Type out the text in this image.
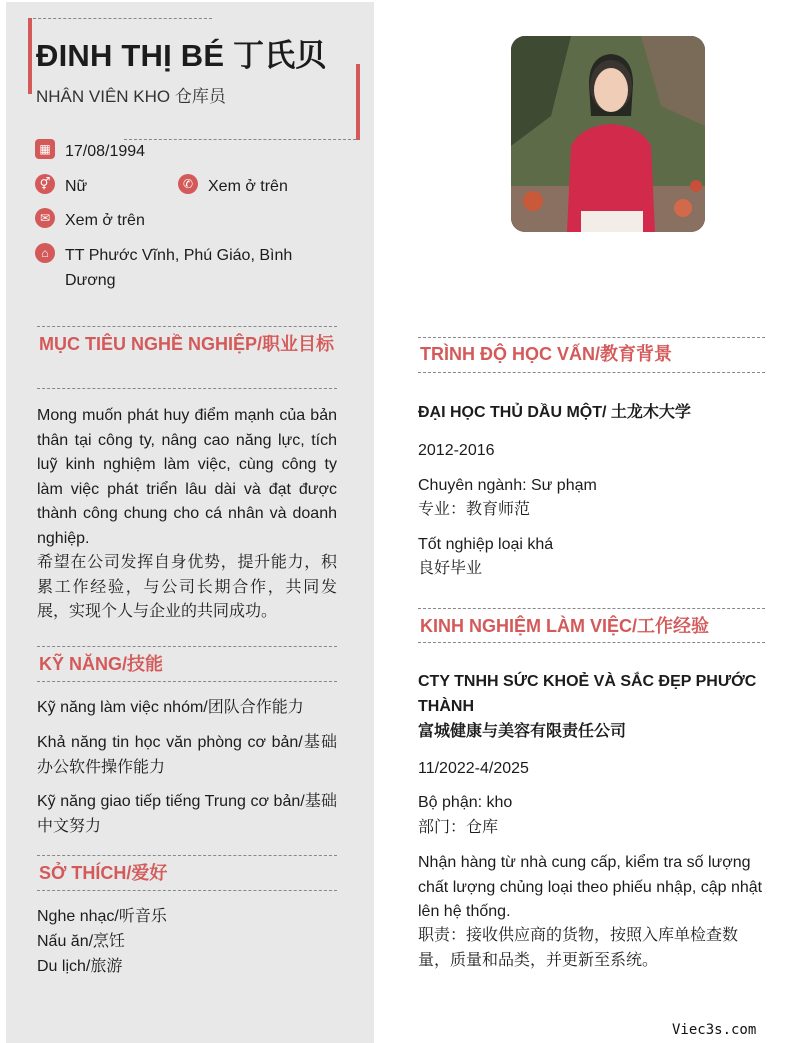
ĐINH THỊ BÉ 丁氏贝
NHÂN VIÊN KHO 仓库员
▦ 17/08/1994
⚥ Nữ	✆ Xem ở trên
✉ Xem ở trên
⌂	TT Phước Vĩnh, Phú Giáo, Bình Dương
MỤC TIÊU NGHỀ NGHIỆP/职业目标
Mong muốn phát huy điểm mạnh của bản thân tại công ty, nâng cao năng lực, tích luỹ kinh nghiệm làm việc, cùng công ty làm việc phát triển lâu dài và đạt được thành công chung cho cá nhân và doanh nghiệp.
希望在公司发挥自身优势，提升能力，积累工作经验，与公司长期合作，共同发展，实现个人与企业的共同成功。
KỸ NĂNG/技能
Kỹ năng làm việc nhóm/团队合作能力
Khả năng tin học văn phòng cơ bản/基础办公软件操作能力
Kỹ năng giao tiếp tiếng Trung cơ bản/基础中文努力
SỞ THÍCH/爱好
Nghe nhạc/听音乐
Nấu ăn/烹饪
Du lịch/旅游
TRÌNH ĐỘ HỌC VẤN/教育背景
ĐẠI HỌC THỦ DẦU MỘT/ 土龙木大学
2012-2016
Chuyên ngành: Sư phạm
专业：教育师范
Tốt nghiệp loại khá
良好毕业
KINH NGHIỆM LÀM VIỆC/工作经验
CTY TNHH SỨC KHOẺ VÀ SẮC ĐẸP PHƯỚC THÀNH
富城健康与美容有限责任公司
11/2022-4/2025
Bộ phận: kho
部门：仓库
Nhận hàng từ nhà cung cấp, kiểm tra số lượng chất lượng chủng loại theo phiếu nhập, cập nhật lên hệ thống.
职责：接收供应商的货物，按照入库单检查数量，质量和品类，并更新至系统。
Viec3s.com
